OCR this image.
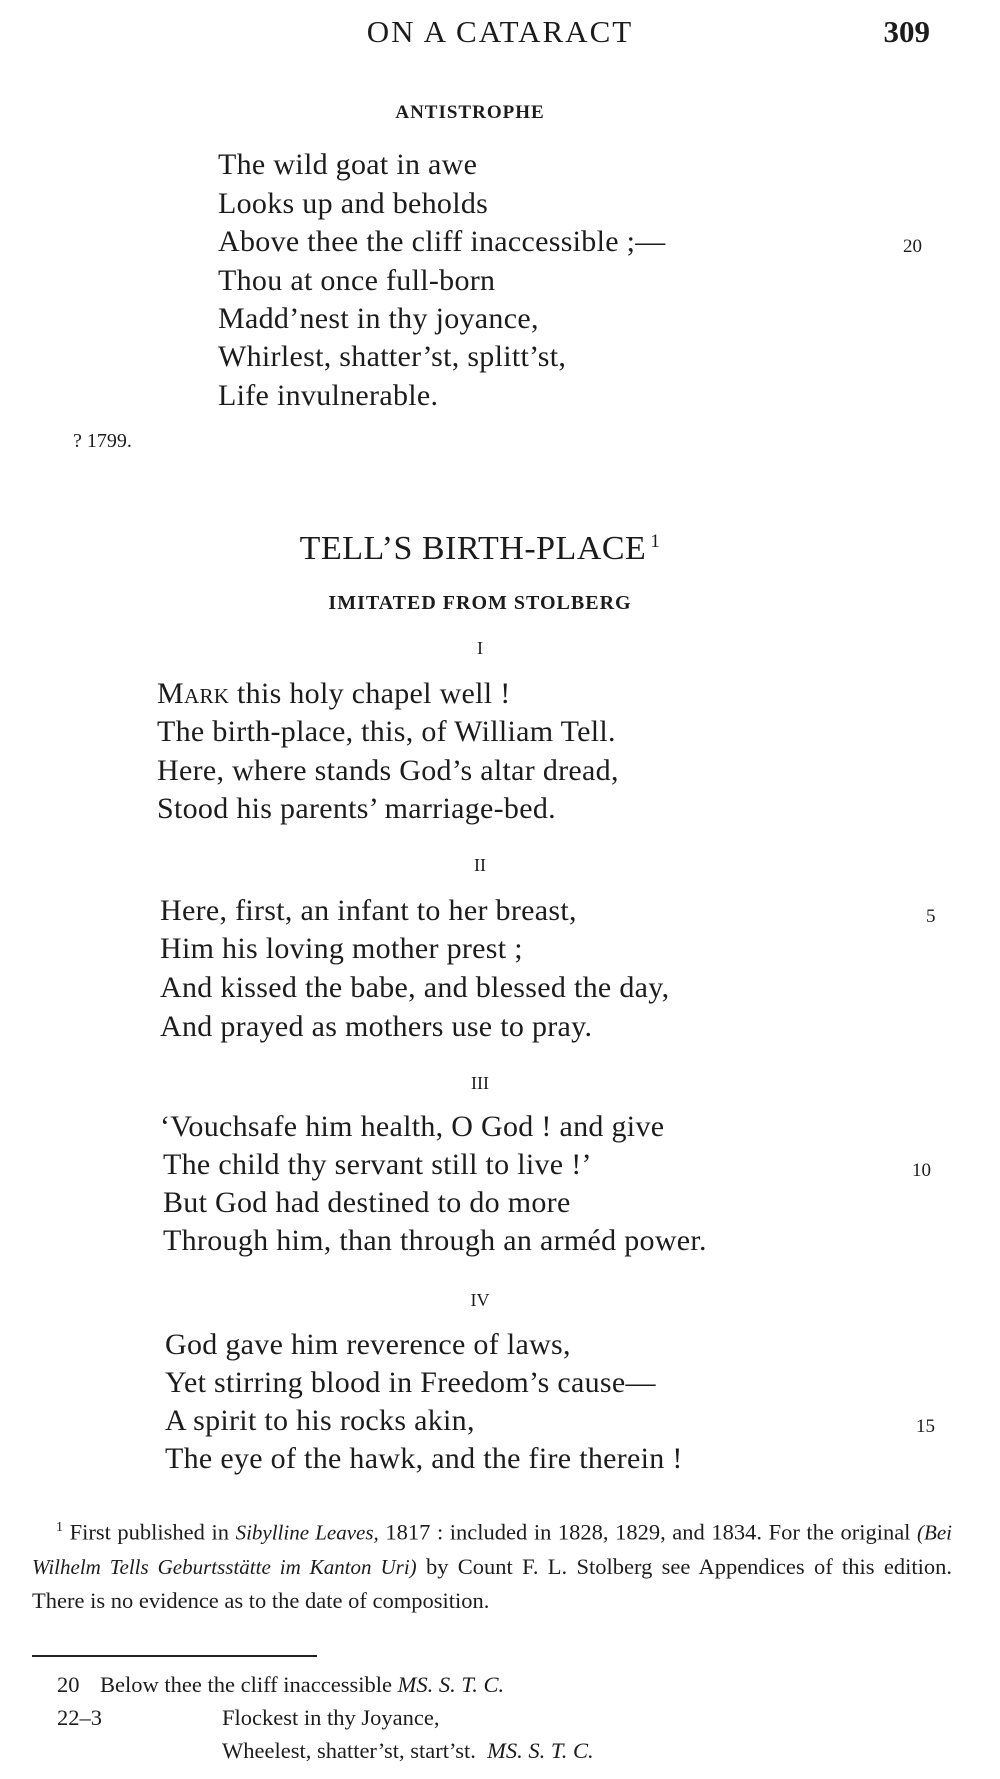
ON A CATARACT	309
ANTISTROPHE
The wild goat in awe
Looks up and beholds
Above thee the cliff inaccessible ;—	20
Thou at once full-born
Madd’nest in thy joyance,
Whirlest, shatter’st, splitt’st,
Life invulnerable.
? 1799.
TELL’S BIRTH-PLACE $^1$
IMITATED FROM STOLBERG
I
Mark this holy chapel well !
The birth-place, this, of William Tell.
Here, where stands God’s altar dread,
Stood his parents’ marriage-bed.
II
Here, first, an infant to her breast,	5
Him his loving mother prest ;
And kissed the babe, and blessed the day,
And prayed as mothers use to pray.
III
‘Vouchsafe him health, O God ! and give
The child thy servant still to live !’	10
But God had destined to do more
Through him, than through an arméd power.
IV
God gave him reverence of laws,
Yet stirring blood in Freedom’s cause—
A spirit to his rocks akin,	15
The eye of the hawk, and the fire therein !
$^1$ First published in Sibylline Leaves, 1817 : included in 1828, 1829, and 1834. For the original (Bei Wilhelm Tells Geburtsstätte im Kanton Uri) by Count F. L. Stolberg see Appendices of this edition. There is no evidence as to the date of composition.
20 Below thee the cliff inaccessible MS. S. T. C.
22–3	Flockest in thy Joyance,
Wheelest, shatter’st, start’st. MS. S. T. C.
